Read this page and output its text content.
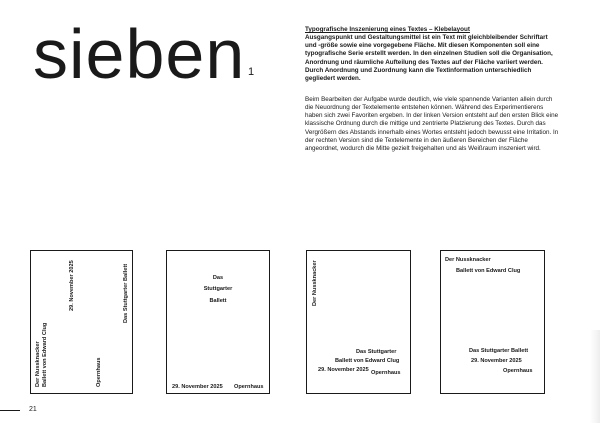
sieben 1

Typografische Inszenierung eines Textes – Klebelayout
Ausgangspunkt und Gestaltungsmittel ist ein Text mit gleichbleibender Schriftart und -größe sowie eine vorgegebene Fläche. Mit diesen Komponenten soll eine typografische Serie erstellt werden. In den einzelnen Studien soll die Organisation, Anordnung und räumliche Aufteilung des Textes auf der Fläche variiert werden. Durch Anordnung und Zuordnung kann die Textinformation unterschiedlich gegliedert werden.

Beim Bearbeiten der Aufgabe wurde deutlich, wie viele spannende Varianten allein durch die Neuordnung der Textelemente entstehen können. Während des Experimentierens haben sich zwei Favoriten ergeben. In der linken Version entsteht auf den ersten Blick eine klassische Ordnung durch die mittige und zentrierte Platzierung des Textes. Durch das Vergrößern des Abstands innerhalb eines Wortes entsteht jedoch bewusst eine Irritation. In der rechten Version sind die Textelemente in den äußeren Bereichen der Fläche angeordnet, wodurch die Mitte gezielt freigehalten und als Weißraum inszeniert wird.

Der Nussknacker Ballett von Edward Clug
29. November 2025
Opernhaus
Das Stuttgarter Ballett	Das
Stuttgarter
Ballett
29. November 2025 Opernhaus
Der Nussknacker
Das Stuttgarter
Ballett von Edward Clug
29. November 2025 Opernhaus
Der Nussknacker
Ballett von Edward Clug
Das Stuttgarter Ballett
29. November 2025
Opernhaus
21
